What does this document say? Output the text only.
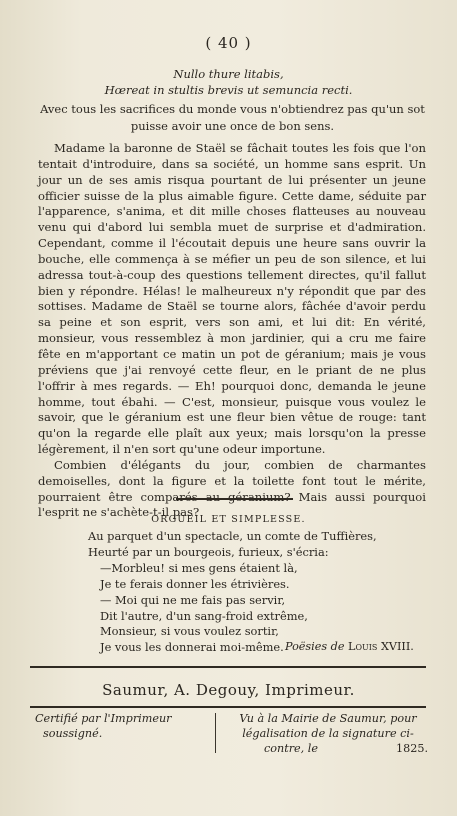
( 40 )
Nullo thure litabis,
Hœreat in stultis brevis ut semuncia recti.
Avec tous les sacrifices du monde vous n'obtiendrez pas qu'un sot puisse avoir une once de bon sens.

Madame la baronne de Staël se fâchait toutes les fois que l'on tentait d'introduire, dans sa société, un homme sans esprit. Un jour un de ses amis risqua pourtant de lui présenter un jeune officier suisse de la plus aimable figure. Cette dame, séduite par l'apparence, s'anima, et dit mille choses flatteuses au nouveau venu qui d'abord lui sembla muet de surprise et d'admiration. Cependant, comme il l'écoutait depuis une heure sans ouvrir la bouche, elle commença à se méfier un peu de son silence, et lui adressa tout-à-coup des questions tellement directes, qu'il fallut bien y répondre. Hélas! le malheureux n'y répondit que par des sottises. Madame de Staël se tourne alors, fâchée d'avoir perdu sa peine et son esprit, vers son ami, et lui dit: En vérité, monsieur, vous ressemblez à mon jardinier, qui a cru me faire fête en m'apportant ce matin un pot de géranium; mais je vous préviens que j'ai renvoyé cette fleur, en le priant de ne plus l'offrir à mes regards. — Eh! pourquoi donc, demanda le jeune homme, tout ébahi. — C'est, monsieur, puisque vous voulez le savoir, que le géranium est une fleur bien vêtue de rouge: tant qu'on la regarde elle plaît aux yeux; mais lorsqu'on la presse légèrement, il n'en sort qu'une odeur importune.

Combien d'élégants du jour, combien de charmantes demoiselles, dont la figure et la toilette font tout le mérite, pourraient être comparés au géranium? Mais aussi pourquoi l'esprit ne s'achète-t-il pas?

ORGUEIL ET SIMPLESSE.
Au parquet d'un spectacle, un comte de Tuffières,
Heurté par un bourgeois, furieux, s'écria:
—Morbleu! si mes gens étaient là,
Je te ferais donner les étrivières.
— Moi qui ne me fais pas servir,
Dit l'autre, d'un sang-froid extrême,
Monsieur, si vous voulez sortir,
Je vous les donnerai moi-même. Poësies de Louis XVIII.
Saumur, A. Degouy, Imprimeur.
Certifié par l'Imprimeur
soussigné.
Vu à la Mairie de Saumur, pour
légalisation de la signature ci-
contre, le	1825.
